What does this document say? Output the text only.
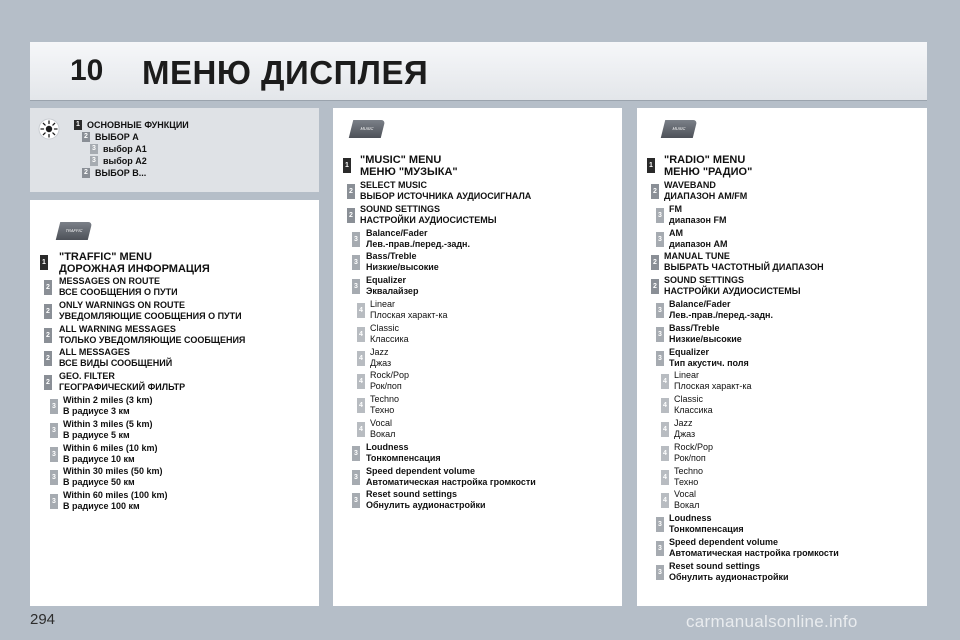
10 МЕНЮ ДИСПЛЕЯ
1 ОСНОВНЫЕ ФУНКЦИИ
2 ВЫБОР A
3 выбор A1
3 выбор A2
2 ВЫБОР B...
TRAFFIC
1 "TRAFFIC" MENU
ДОРОЖНАЯ ИНФОРМАЦИЯ
2
MESSAGES ON ROUTE
ВСЕ СООБЩЕНИЯ О ПУТИ
2
ONLY WARNINGS ON ROUTE
УВЕДОМЛЯЮЩИЕ СООБЩЕНИЯ О ПУТИ
2
ALL WARNING MESSAGES
ТОЛЬКО УВЕДОМЛЯЮЩИЕ СООБЩЕНИЯ
2
ALL MESSAGES
ВСЕ ВИДЫ СООБЩЕНИЙ
2
GEO. FILTER
ГЕОГРАФИЧЕСКИЙ ФИЛЬТР
3
Within 2 miles (3 km)
В радиусе 3 км
3
Within 3 miles (5 km)
В радиусе 5 км
3
Within 6 miles (10 km)
В радиусе 10 км
3
Within 30 miles (50 km)
В радиусе 50 км
3
Within 60 miles (100 km)
В радиусе 100 км
MUSIC
1 "MUSIC" MENU
МЕНЮ "МУЗЫКА"
2
SELECT MUSIC
ВЫБОР ИСТОЧНИКА АУДИОСИГНАЛА
2
SOUND SETTINGS
НАСТРОЙКИ АУДИОСИСТЕМЫ
3
Balance/Fader
Лев.-прав./перед.-задн.
3
Bass/Treble
Низкие/высокие
3
Equalizer
Эквалайзер
4
Linear
Плоская характ-ка
4
Classic
Классика
4
Jazz
Джаз
4
Rock/Pop
Рок/поп
4
Techno
Техно
4
Vocal
Вокал
3
Loudness
Тонкомпенсация
3
Speed dependent volume
Автоматическая настройка громкости
3
Reset sound settings
Обнулить аудионастройки
MUSIC
1 "RADIO" MENU
МЕНЮ "РАДИО"
2
WAVEBAND
ДИАПАЗОН AM/FM
3
FM
диапазон FM
3
AM
диапазон AM
2
MANUAL TUNE
ВЫБРАТЬ ЧАСТОТНЫЙ ДИАПАЗОН
2
SOUND SETTINGS
НАСТРОЙКИ АУДИОСИСТЕМЫ
3
Balance/Fader
Лев.-прав./перед.-задн.
3
Bass/Treble
Низкие/высокие
3
Equalizer
Тип акустич. поля
4
Linear
Плоская характ-ка
4
Classic
Классика
4
Jazz
Джаз
4
Rock/Pop
Рок/поп
4
Techno
Техно
4
Vocal
Вокал
3
Loudness
Тонкомпенсация
3
Speed dependent volume
Автоматическая настройка громкости
3
Reset sound settings
Обнулить аудионастройки
294	carmanualsonline.info
